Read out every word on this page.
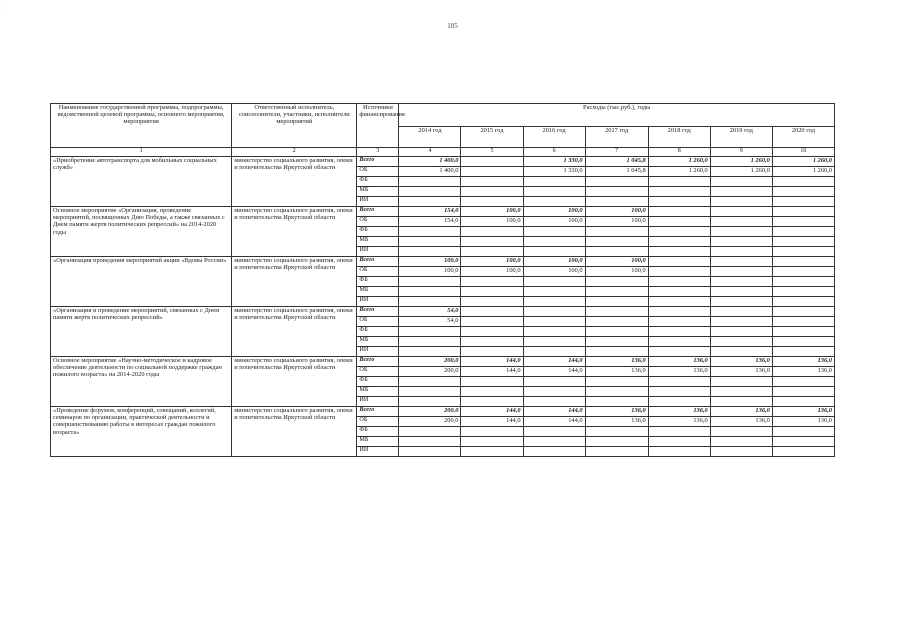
·
105
Наименование государственной программы, подпрограммы, ведомственной целевой программы, основного мероприятия, мероприятия	Ответственный исполнитель, соисполнители, участники, исполнители мероприятий	Источники финансирования	Расходы (тыс.руб.), годы						
			2014 год	2015 год	2016 год	2017 год	2018 год	2019 год	2020 год
1	2	3	4	5	6	7	8	9	10
«Приобретение автотранспорта для мобильных социальных служб»	министерство социального развития, опеки и попечительства Иркутской области	Всего	1 400,0		1 330,0	1 045,8	1 260,0	1 260,0	1 260,0
		ОБ	1 400,0		1 330,0	1 045,8	1 260,0	1 260,0	1 260,0
		ФБ							
		МБ							
		ИИ							
Основное мероприятие «Организация, проведение мероприятий, посвященных Дню Победы, а также связанных с Днем памяти жертв политических репрессий» на 2014-2020 годы	министерство социального развития, опеки и попечительства Иркутской области	Всего	154,0	100,0	100,0	100,0			
		ОБ	154,0	100,0	100,0	100,0			
		ФБ							
		МБ							
		ИИ							
«Организация проведения мероприятий акции «Вдовы России»	министерство социального развития, опеки и попечительства Иркутской области	Всего	100,0	100,0	100,0	100,0			
		ОБ	100,0	100,0	100,0	100,0			
		ФБ							
		МБ							
		ИИ							
«Организация и проведение мероприятий, связанных с Днем памяти жертв политических репрессий»	министерство социального развития, опеки и попечительства Иркутской области	Всего	54,0						
		ОБ	54,0						
		ФБ							
		МБ							
		ИИ							
Основное мероприятие «Научно-методическое и кадровое обеспечение деятельности по социальной поддержке граждан пожилого возраста» на 2014-2020 годы	министерство социального развития, опеки и попечительства Иркутской области	Всего	200,0	144,0	144,0	136,0	136,0	136,0	136,0
		ОБ	200,0	144,0	144,0	136,0	136,0	136,0	136,0
		ФБ							
		МБ							
		ИИ							
«Проведение форумов, конференций, совещаний, коллегий, семинаров по организации, практической деятельности и совершенствованию работы в интересах граждан пожилого возраста»	министерство социального развития, опеки и попечительства Иркутской области	Всего	200,0	144,0	144,0	136,0	136,0	136,0	136,0
		ОБ	200,0	144,0	144,0	136,0	136,0	136,0	136,0
		ФБ							
		МБ							
		ИИ							
